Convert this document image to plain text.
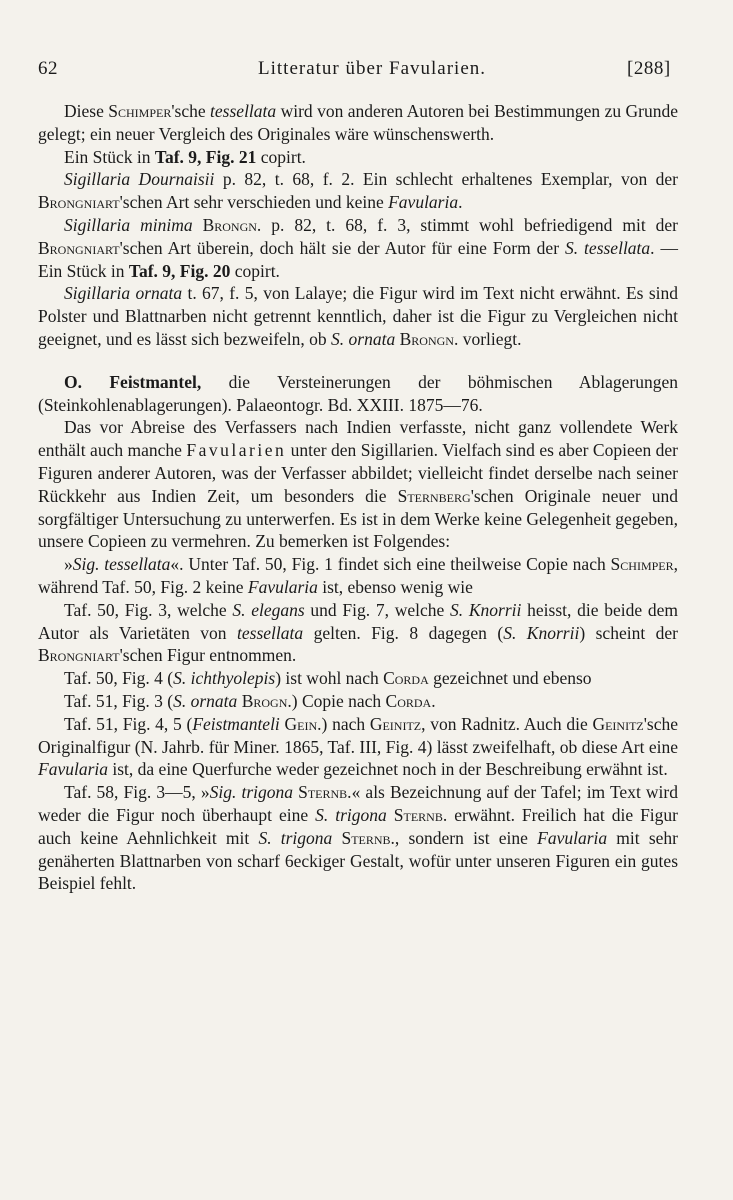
62	Litteratur über Favularien.	[288]

Diese Schimper'sche tessellata wird von anderen Autoren bei Bestimmungen zu Grunde gelegt; ein neuer Vergleich des Originales wäre wünschenswerth.

Ein Stück in Taf. 9, Fig. 21 copirt.

Sigillaria Dournaisii p. 82, t. 68, f. 2. Ein schlecht erhaltenes Exemplar, von der Brongniart'schen Art sehr verschieden und keine Favularia.

Sigillaria minima Brongn. p. 82, t. 68, f. 3, stimmt wohl befriedigend mit der Brongniart'schen Art überein, doch hält sie der Autor für eine Form der S. tessellata. — Ein Stück in Taf. 9, Fig. 20 copirt.

Sigillaria ornata t. 67, f. 5, von Lalaye; die Figur wird im Text nicht erwähnt. Es sind Polster und Blattnarben nicht getrennt kenntlich, daher ist die Figur zu Vergleichen nicht geeignet, und es lässt sich bezweifeln, ob S. ornata Brongn. vorliegt.

O. Feistmantel, die Versteinerungen der böhmischen Ablagerungen (Steinkohlenablagerungen). Palaeontogr. Bd. XXIII. 1875—76.

Das vor Abreise des Verfassers nach Indien verfasste, nicht ganz vollendete Werk enthält auch manche Favularien unter den Sigillarien. Vielfach sind es aber Copieen der Figuren anderer Autoren, was der Verfasser abbildet; vielleicht findet derselbe nach seiner Rückkehr aus Indien Zeit, um besonders die Sternberg'schen Originale neuer und sorgfältiger Untersuchung zu unterwerfen. Es ist in dem Werke keine Gelegenheit gegeben, unsere Copieen zu vermehren. Zu bemerken ist Folgendes:

»Sig. tessellata«. Unter Taf. 50, Fig. 1 findet sich eine theilweise Copie nach Schimper, während Taf. 50, Fig. 2 keine Favularia ist, ebenso wenig wie

Taf. 50, Fig. 3, welche S. elegans und Fig. 7, welche S. Knorrii heisst, die beide dem Autor als Varietäten von tessellata gelten. Fig. 8 dagegen (S. Knorrii) scheint der Brongniart'schen Figur entnommen.

Taf. 50, Fig. 4 (S. ichthyolepis) ist wohl nach Corda gezeichnet und ebenso

Taf. 51, Fig. 3 (S. ornata Brogn.) Copie nach Corda.

Taf. 51, Fig. 4, 5 (Feistmanteli Gein.) nach Geinitz, von Radnitz. Auch die Geinitz'sche Originalfigur (N. Jahrb. für Miner. 1865, Taf. III, Fig. 4) lässt zweifelhaft, ob diese Art eine Favularia ist, da eine Querfurche weder gezeichnet noch in der Beschreibung erwähnt ist.

Taf. 58, Fig. 3—5, »Sig. trigona Sternb.« als Bezeichnung auf der Tafel; im Text wird weder die Figur noch überhaupt eine S. trigona Sternb. erwähnt. Freilich hat die Figur auch keine Aehnlichkeit mit S. trigona Sternb., sondern ist eine Favularia mit sehr genäherten Blattnarben von scharf 6eckiger Gestalt, wofür unter unseren Figuren ein gutes Beispiel fehlt.
